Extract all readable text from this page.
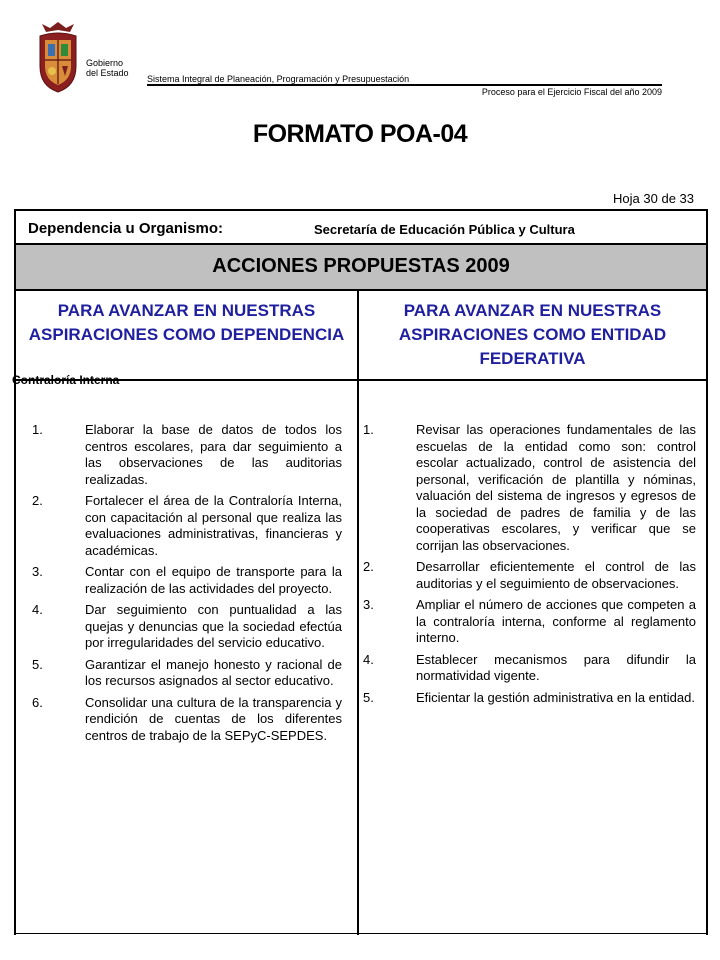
Gobierno
del Estado
Sistema Integral de Planeación, Programación y Presupuestación
Proceso para el Ejercicio Fiscal del año 2009
FORMATO POA-04
Hoja 30 de 33
Dependencia u Organismo:	Secretaría de Educación Pública y Cultura
ACCIONES PROPUESTAS 2009
PARA AVANZAR EN NUESTRAS ASPIRACIONES COMO DEPENDENCIA
PARA AVANZAR EN NUESTRAS ASPIRACIONES COMO ENTIDAD FEDERATIVA
Contraloría Interna
1.	Elaborar la base de datos de todos los centros escolares, para dar seguimiento a las observaciones de las auditorias realizadas.
2.	Fortalecer el área de la Contraloría Interna, con capacitación al personal que realiza las evaluaciones administrativas, financieras y académicas.
3.	Contar con el equipo de transporte para la realización de las actividades del proyecto.
4.	Dar seguimiento con puntualidad a las quejas y denuncias que la sociedad efectúa por irregularidades del servicio educativo.
5.	Garantizar el manejo honesto y racional de los recursos asignados al sector educativo.
6.	Consolidar una cultura de la transparencia y rendición de cuentas de los diferentes centros de trabajo de la SEPyC-SEPDES.
1.	Revisar las operaciones fundamentales de las escuelas de la entidad como son: control escolar actualizado, control de asistencia del personal, verificación de plantilla y nóminas, valuación del sistema de ingresos y egresos de la sociedad de padres de familia y de las cooperativas escolares, y verificar que se corrijan las observaciones.
2.	Desarrollar eficientemente el control de las auditorias y el seguimiento de observaciones.
3.	Ampliar el número de acciones que competen a la contraloría interna, conforme al reglamento interno.
4.	Establecer mecanismos para difundir la normatividad vigente.
5.	Eficientar la gestión administrativa en la entidad.
